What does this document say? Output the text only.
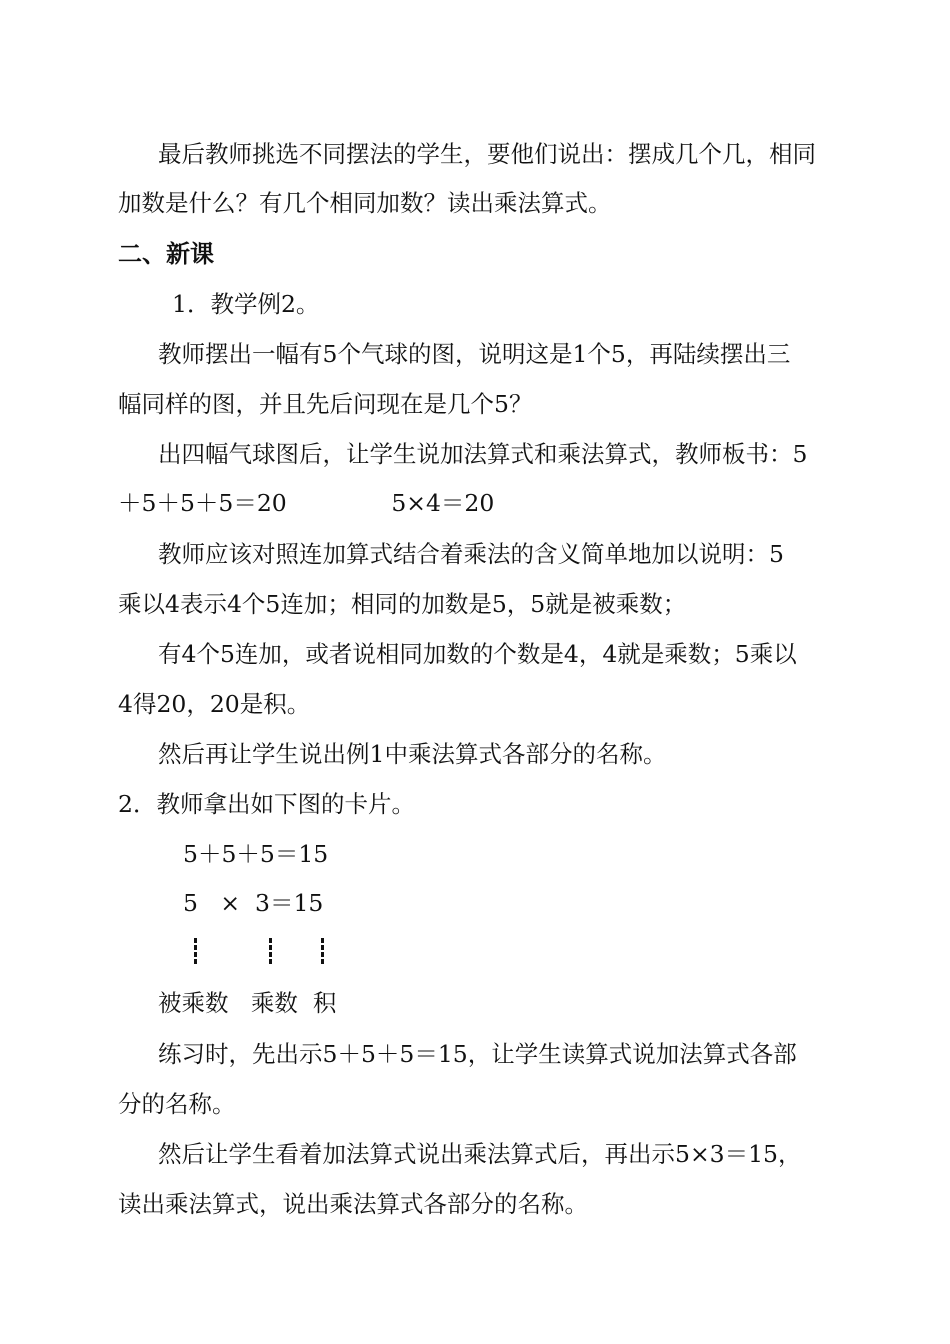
最后教师挑选不同摆法的学生，要他们说出：摆成几个几，相同
加数是什么？有几个相同加数？读出乘法算式。
二、新课
1．教学例2。
教师摆出一幅有5个气球的图，说明这是1个5，再陆续摆出三
幅同样的图，并且先后问现在是几个5？
出四幅气球图后，让学生说加法算式和乘法算式，教师板书：5
＋5＋5＋5＝20              5×4＝20
教师应该对照连加算式结合着乘法的含义简单地加以说明：5
乘以4表示4个5连加；相同的加数是5，5就是被乘数；
有4个5连加，或者说相同加数的个数是4，4就是乘数；5乘以
4得20，20是积。
然后再让学生说出例1中乘法算式各部分的名称。
2．教师拿出如下图的卡片。
5＋5＋5＝15
5   ×  3＝15
被乘数   乘数  积
练习时，先出示5＋5＋5＝15，让学生读算式说加法算式各部
分的名称。
然后让学生看着加法算式说出乘法算式后，再出示5×3＝15，
读出乘法算式，说出乘法算式各部分的名称。
